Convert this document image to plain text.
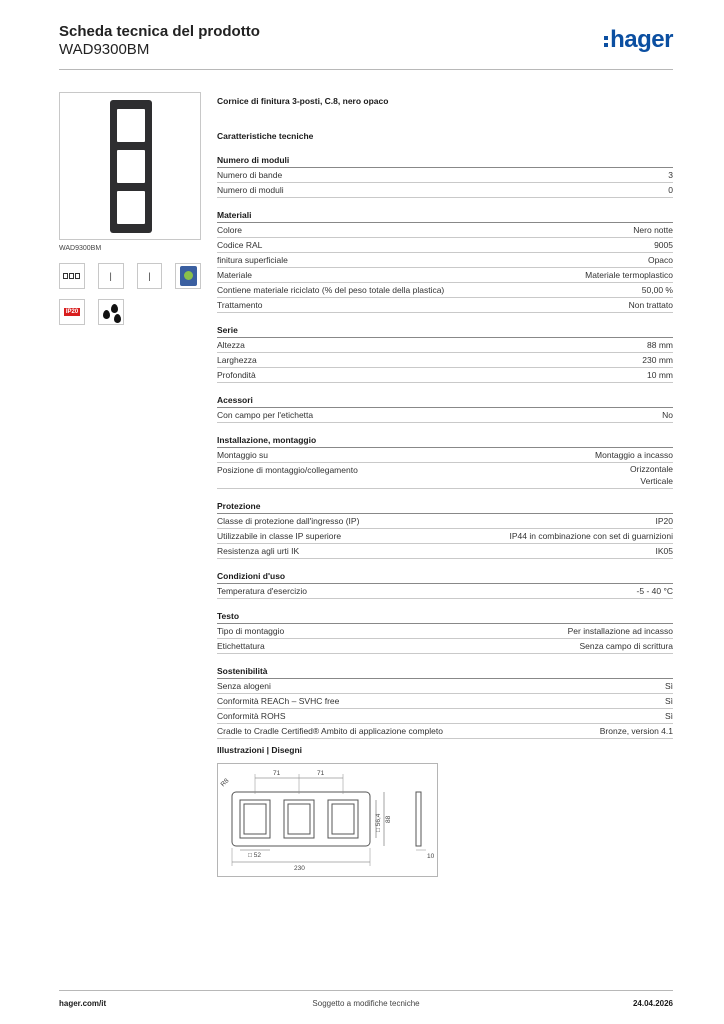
Scheda tecnica del prodotto
WAD9300BM	hager
WAD9300BM
|	|
IP20
Cornice di finitura 3-posti, C.8, nero opaco
Caratteristiche tecniche
Numero di moduli
Numero di bande	3
Numero di moduli	0
Materiali
Colore	Nero notte
Codice RAL	9005
finitura superficiale	Opaco
Materiale	Materiale termoplastico
Contiene materiale riciclato (% del peso totale della plastica)	50,00 %
Trattamento	Non trattato
Serie
Altezza	88 mm
Larghezza	230 mm
Profondità	10 mm
Acessori
Con campo per l'etichetta	No
Installazione, montaggio
Montaggio su	Montaggio a incasso
Posizione di montaggio/collegamento	Orizzontale
Verticale
Protezione
Classe di protezione dall'ingresso (IP)	IP20
Utilizzabile in classe IP superiore	IP44 in combinazione con set di guarnizioni
Resistenza agli urti IK	IK05
Condizioni d'uso
Temperatura d'esercizio	-5 - 40 °C
Testo
Tipo di montaggio	Per installazione ad incasso
Etichettatura	Senza campo di scrittura
Sostenibilità
Senza alogeni	Sì
Conformità REACh – SVHC free	Sì
Conformità ROHS	Sì
Cradle to Cradle Certified® Ambito di applicazione completo	Bronze, version 4.1
Illustrazioni | Disegni
R8
71	71
□ 52
230
□ 56,4 88
10
hager.com/it	Soggetto a modifiche tecniche	24.04.2026
